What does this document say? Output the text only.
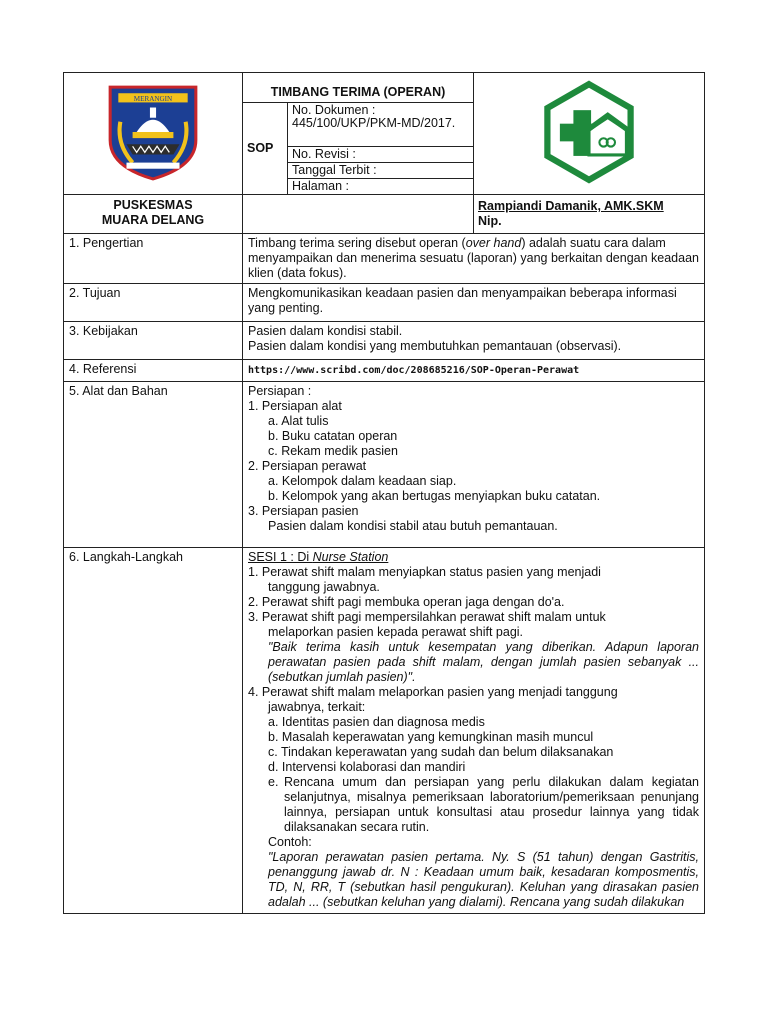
MERANGIN	TIMBANG TERIMA (OPERAN)
SOP	No. Dokumen : 445/100/UKP/PKM-MD/2017.
No. Revisi :
Tanggal Terbit :
Halaman :

PUSKESMAS
MUARA DELANG

Rampiandi Damanik, AMK.SKM
Nip.

1. Pengertian	Timbang terima sering disebut operan (over hand) adalah suatu cara dalam menyampaikan dan menerima sesuatu (laporan) yang berkaitan dengan keadaan klien (data fokus).
2. Tujuan	Mengkomunikasikan keadaan pasien dan menyampaikan beberapa informasi yang penting.
3. Kebijakan	Pasien dalam kondisi stabil.
Pasien dalam kondisi yang membutuhkan pemantauan (observasi).

4. Referensi	https://www.scribd.com/doc/208685216/SOP-Operan-Perawat
5. Alat dan Bahan	Persiapan :
1. Persiapan alat
a. Alat tulis
b. Buku catatan operan
c. Rekam medik pasien
2. Persiapan perawat
a. Kelompok dalam keadaan siap.
b. Kelompok yang akan bertugas menyiapkan buku catatan.
3. Persiapan pasien
Pasien dalam kondisi stabil atau butuh pemantauan.

6. Langkah-Langkah	SESI 1 : Di Nurse Station
1. Perawat shift malam menyiapkan status pasien yang menjadi
tanggung jawabnya.
2. Perawat shift pagi membuka operan jaga dengan do'a.
3. Perawat shift pagi mempersilahkan perawat shift malam untuk
melaporkan pasien kepada perawat shift pagi.
"Baik terima kasih untuk kesempatan yang diberikan. Adapun laporan perawatan pasien pada shift malam, dengan jumlah pasien sebanyak ... (sebutkan jumlah pasien)".
4. Perawat shift malam melaporkan pasien yang menjadi tanggung
jawabnya, terkait:
a. Identitas pasien dan diagnosa medis
b. Masalah keperawatan yang kemungkinan masih muncul
c. Tindakan keperawatan yang sudah dan belum dilaksanakan
d. Intervensi kolaborasi dan mandiri
e. Rencana umum dan persiapan yang perlu dilakukan dalam kegiatan selanjutnya, misalnya pemeriksaan laboratorium/pemeriksaan penunjang lainnya, persiapan untuk konsultasi atau prosedur lainnya yang tidak dilaksanakan secara rutin.
Contoh:
"Laporan perawatan pasien pertama. Ny. S (51 tahun) dengan Gastritis, penanggung jawab dr. N : Keadaan umum baik, kesadaran komposmentis, TD, N, RR, T (sebutkan hasil pengukuran). Keluhan yang dirasakan pasien adalah ... (sebutkan keluhan yang dialami). Rencana yang sudah dilakukan
